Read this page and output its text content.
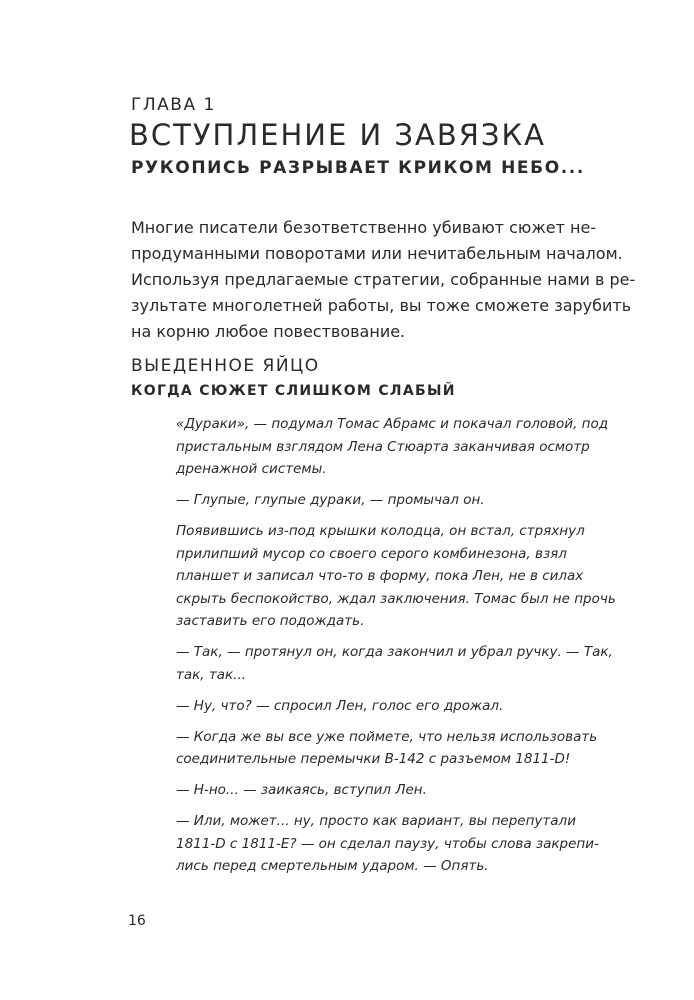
ГЛАВА 1
ВСТУПЛЕНИЕ И ЗАВЯЗКА
РУКОПИСЬ РАЗРЫВАЕТ КРИКОМ НЕБО...
Многие писатели безответственно убивают сюжет не-
продуманными поворотами или нечитабельным началом.
Используя предлагаемые стратегии, собранные нами в ре-
зультате многолетней работы, вы тоже сможете зарубить
на корню любое повествование.
ВЫЕДЕННОЕ ЯЙЦО
КОГДА СЮЖЕТ СЛИШКОМ СЛАБЫЙ

«Дураки», — подумал Томас Абрамс и покачал головой, под
пристальным взглядом Лена Стюарта заканчивая осмотр
дренажной системы.

— Глупые, глупые дураки, — промычал он.

Появившись из-под крышки колодца, он встал, стряхнул
прилипший мусор со своего серого комбинезона, взял
планшет и записал что-то в форму, пока Лен, не в силах
скрыть беспокойство, ждал заключения. Томас был не прочь
заставить его подождать.

— Так, — протянул он, когда закончил и убрал ручку. — Так,
так, так...

— Ну, что? — спросил Лен, голос его дрожал.

— Когда же вы все уже поймете, что нельзя использовать
соединительные перемычки В-142 с разъемом 1811-D!

— Н-но... — заикаясь, вступил Лен.

— Или, может... ну, просто как вариант, вы перепутали
1811-D с 1811-E? — он сделал паузу, чтобы слова закрепи-
лись перед смертельным ударом. — Опять.

16
